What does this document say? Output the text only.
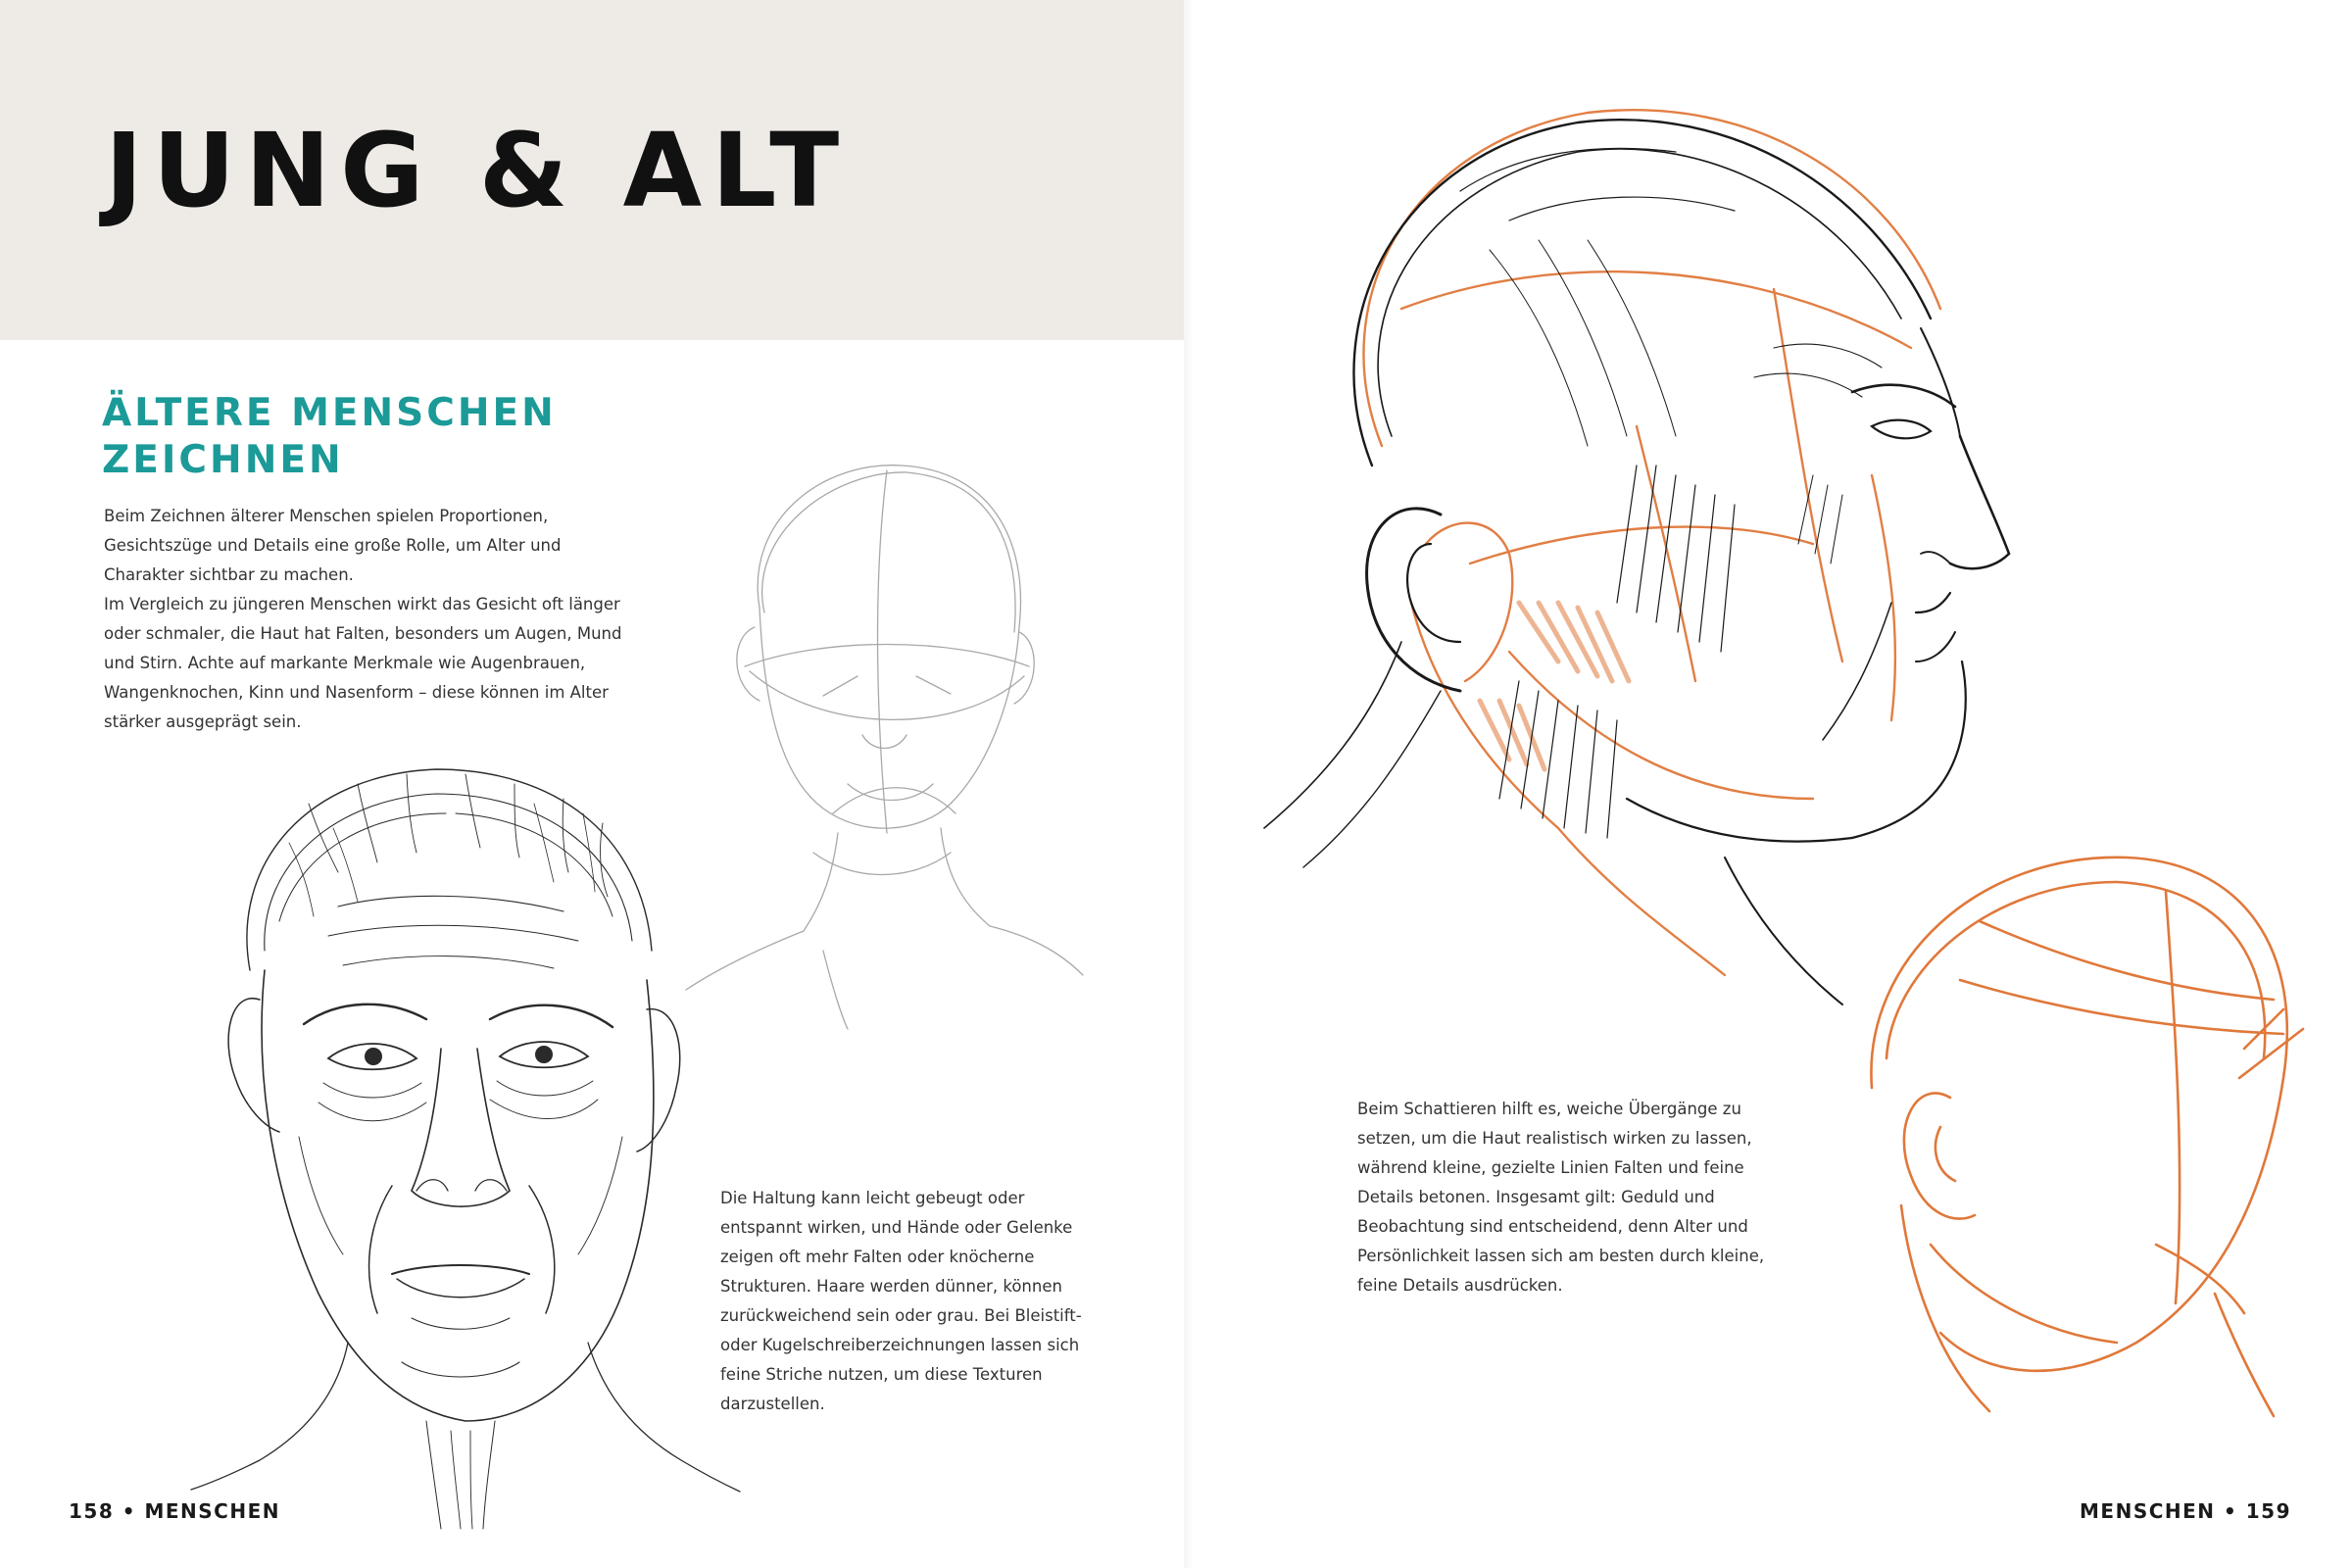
JUNG & ALT
ÄLTERE MENSCHEN
ZEICHNEN

Beim Zeichnen älterer Menschen spielen Proportionen, Gesichtszüge und Details eine große Rolle, um Alter und Charakter sichtbar zu machen.

Im Vergleich zu jüngeren Menschen wirkt das Gesicht oft länger oder schmaler, die Haut hat Falten, besonders um Augen, Mund und Stirn. Achte auf markante Merkmale wie Augenbrauen, Wangenknochen, Kinn und Nasenform – diese können im Alter stärker ausgeprägt sein.

Die Haltung kann leicht gebeugt oder entspannt wirken, und Hände oder Gelenke zeigen oft mehr Falten oder knöcherne Strukturen. Haare werden dünner, können zurückweichend sein oder grau. Bei Bleistift- oder Kugelschreiberzeichnungen lassen sich feine Striche nutzen, um diese Texturen darzustellen.
Beim Schattieren hilft es, weiche Übergänge zu setzen, um die Haut realistisch wirken zu lassen, während kleine, gezielte Linien Falten und feine Details betonen. Insgesamt gilt: Geduld und Beobachtung sind entscheidend, denn Alter und Persönlichkeit lassen sich am besten durch kleine, feine Details ausdrücken.
158 • MENSCHEN	MENSCHEN • 159
